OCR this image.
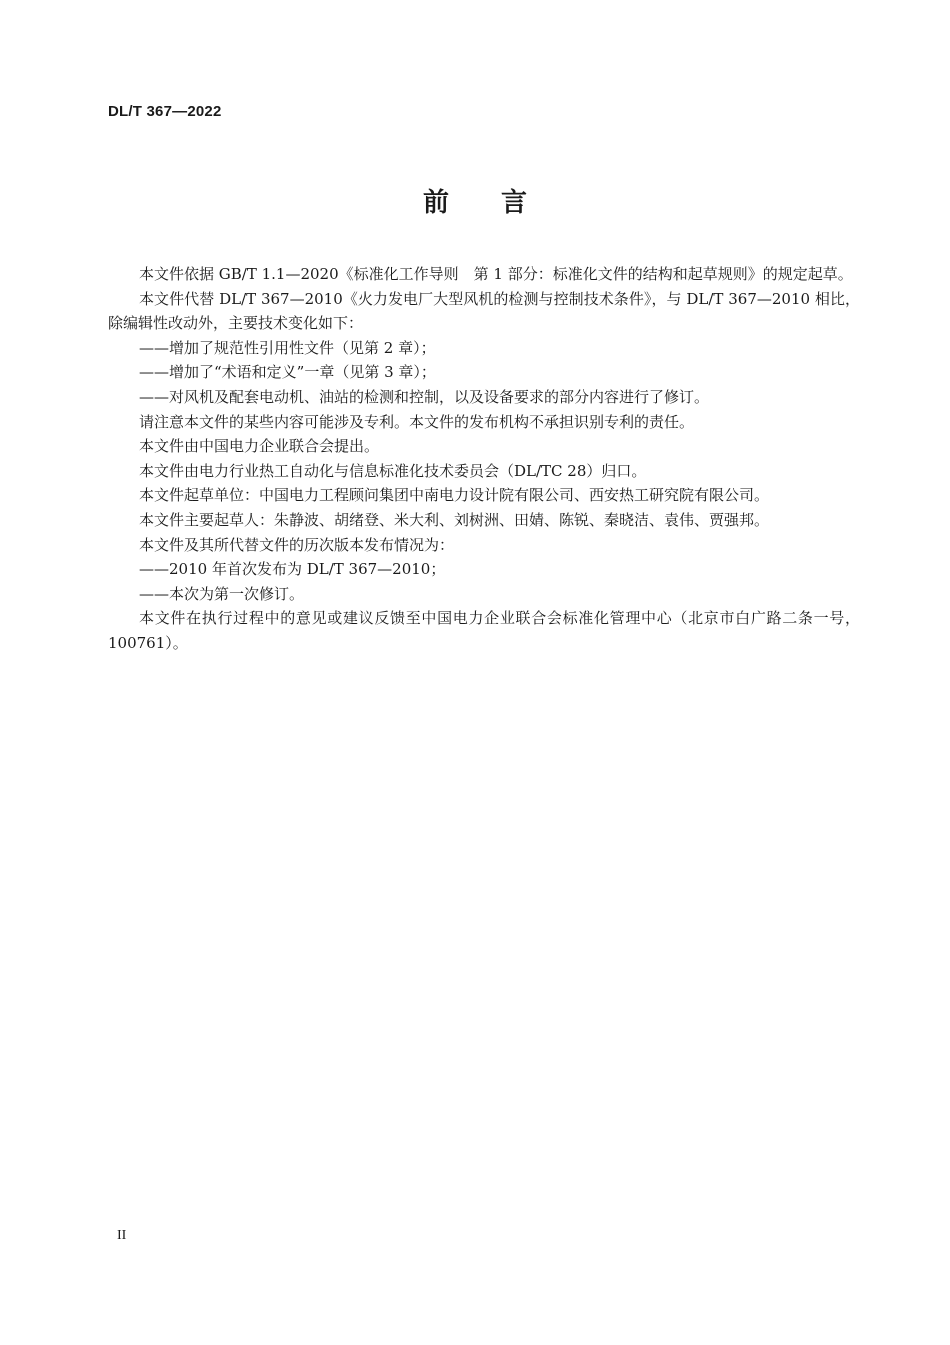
DL/T 367—2022
前 言

本文件依据 GB/T 1.1—2020《标准化工作导则　第 1 部分：标准化文件的结构和起草规则》的规定起草。

本文件代替 DL/T 367—2010《火力发电厂大型风机的检测与控制技术条件》，与 DL/T 367—2010 相比，除编辑性改动外，主要技术变化如下：

——增加了规范性引用性文件（见第 2 章）；

——增加了“术语和定义”一章（见第 3 章）；

——对风机及配套电动机、油站的检测和控制，以及设备要求的部分内容进行了修订。

请注意本文件的某些内容可能涉及专利。本文件的发布机构不承担识别专利的责任。

本文件由中国电力企业联合会提出。

本文件由电力行业热工自动化与信息标准化技术委员会（DL/TC 28）归口。

本文件起草单位：中国电力工程顾问集团中南电力设计院有限公司、西安热工研究院有限公司。

本文件主要起草人：朱静波、胡绪登、米大利、刘树洲、田婧、陈锐、秦晓洁、袁伟、贾强邦。

本文件及其所代替文件的历次版本发布情况为：

——2010 年首次发布为 DL/T 367—2010；

——本次为第一次修订。

本文件在执行过程中的意见或建议反馈至中国电力企业联合会标准化管理中心（北京市白广路二条一号，100761）。

II
